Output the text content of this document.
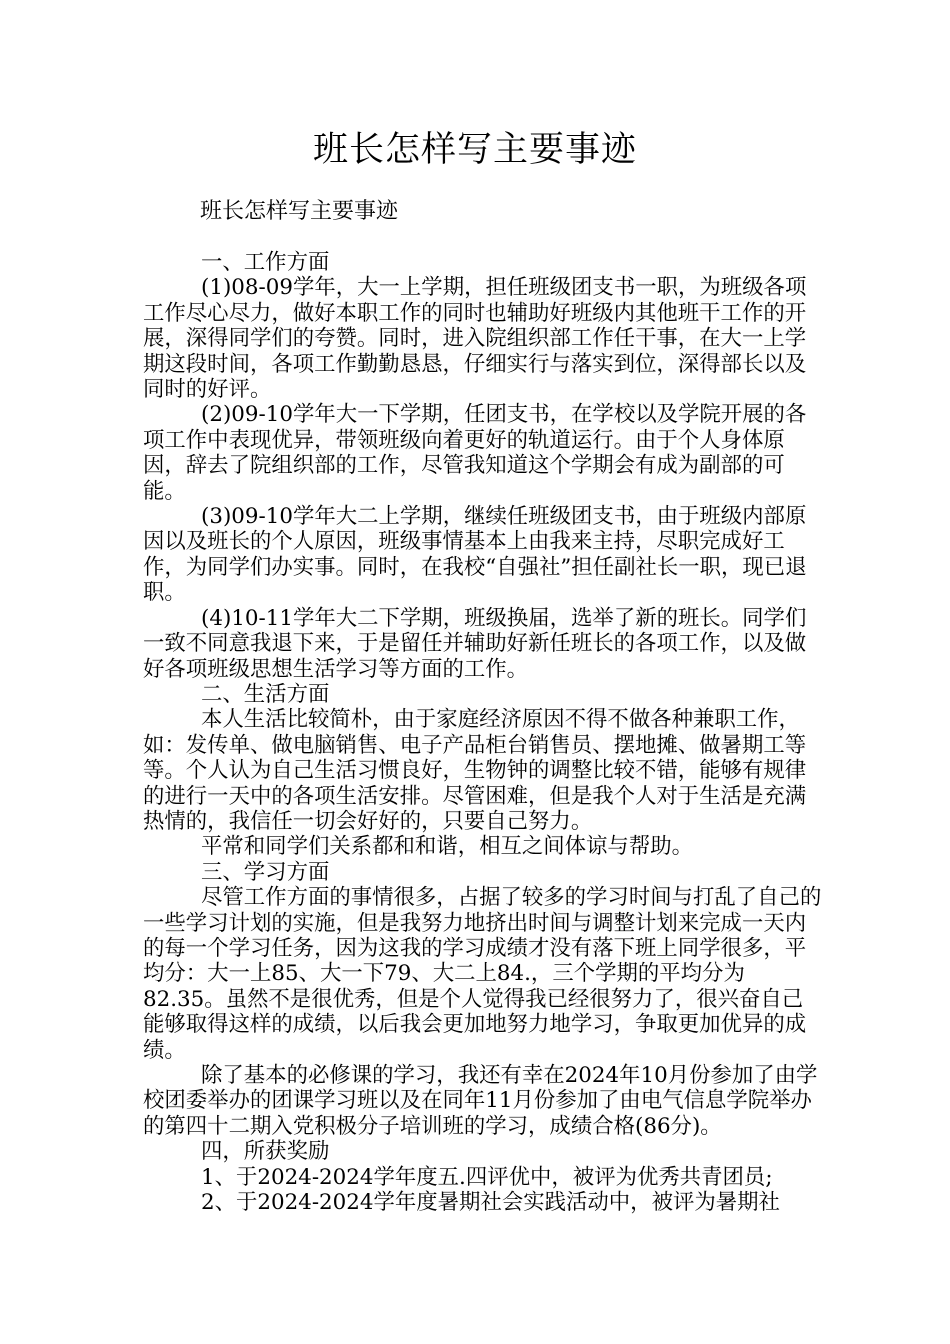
班长怎样写主要事迹

班长怎样写主要事迹

一、工作方面

(1)08-09学年，大一上学期，担任班级团支书一职，为班级各项工作尽心尽力，做好本职工作的同时也辅助好班级内其他班干工作的开展，深得同学们的夸赞。同时，进入院组织部工作任干事，在大一上学期这段时间，各项工作勤勤恳恳，仔细实行与落实到位，深得部长以及同时的好评。

(2)09-10学年大一下学期，任团支书，在学校以及学院开展的各项工作中表现优异，带领班级向着更好的轨道运行。由于个人身体原因，辞去了院组织部的工作，尽管我知道这个学期会有成为副部的可能。

(3)09-10学年大二上学期，继续任班级团支书，由于班级内部原因以及班长的个人原因，班级事情基本上由我来主持，尽职完成好工作，为同学们办实事。同时，在我校“自强社”担任副社长一职，现已退职。

(4)10-11学年大二下学期，班级换届，选举了新的班长。同学们一致不同意我退下来，于是留任并辅助好新任班长的各项工作，以及做好各项班级思想生活学习等方面的工作。

二、生活方面

本人生活比较简朴，由于家庭经济原因不得不做各种兼职工作，如：发传单、做电脑销售、电子产品柜台销售员、摆地摊、做暑期工等等。个人认为自己生活习惯良好，生物钟的调整比较不错，能够有规律的进行一天中的各项生活安排。尽管困难，但是我个人对于生活是充满热情的，我信任一切会好好的，只要自己努力。

平常和同学们关系都和和谐，相互之间体谅与帮助。

三、学习方面

尽管工作方面的事情很多，占据了较多的学习时间与打乱了自己的一些学习计划的实施，但是我努力地挤出时间与调整计划来完成一天内的每一个学习任务，因为这我的学习成绩才没有落下班上同学很多，平均分：大一上85、大一下79、大二上84.，三个学期的平均分为82.35。虽然不是很优秀，但是个人觉得我已经很努力了，很兴奋自己能够取得这样的成绩，以后我会更加地努力地学习，争取更加优异的成绩。

除了基本的必修课的学习，我还有幸在2024年10月份参加了由学校团委举办的团课学习班以及在同年11月份参加了由电气信息学院举办的第四十二期入党积极分子培训班的学习，成绩合格(86分)。

四，所获奖励

1、于2024-2024学年度五.四评优中，被评为优秀共青团员;

2、于2024-2024学年度暑期社会实践活动中，被评为暑期社
